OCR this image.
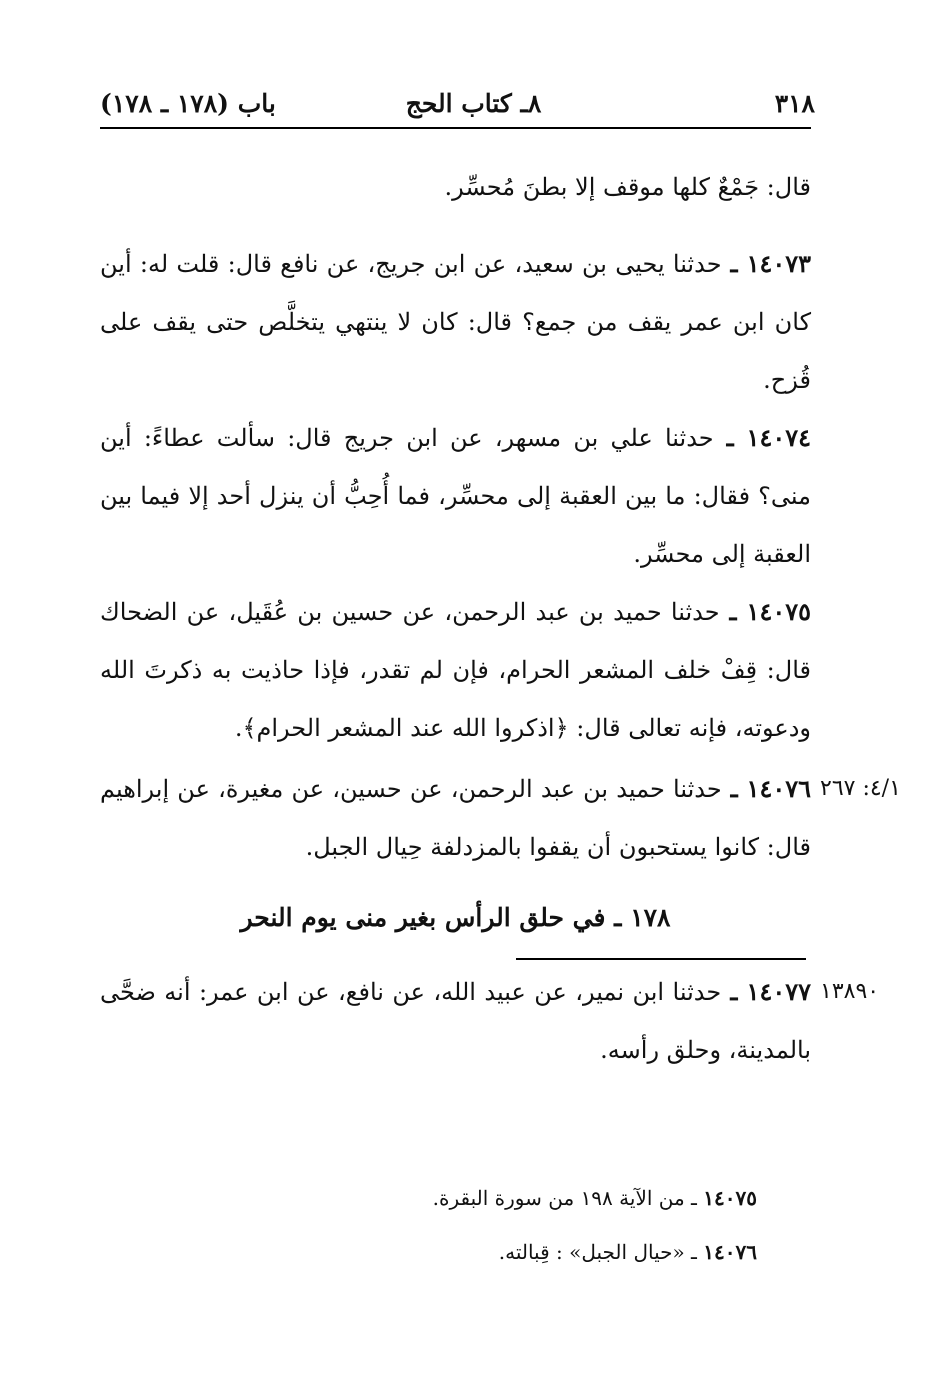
٣١٨
٨ـ كتاب الحج
باب (١٧٨ ـ ١٧٨)
قال: جَمْعٌ كلها موقف إلا بطنَ مُحسِّر.
١٤٠٧٣ ـ حدثنا يحيى بن سعيد، عن ابن جريج، عن نافع قال: قلت له: أين كان ابن عمر يقف من جمع؟ قال: كان لا ينتهي يتخلَّص حتى يقف على قُزح.
١٤٠٧٤ ـ حدثنا علي بن مسهر، عن ابن جريج قال: سألت عطاءً: أين منى؟ فقال: ما بين العقبة إلى محسِّر، فما أُحِبُّ أن ينزل أحد إلا فيما بين العقبة إلى محسِّر.
١٤٠٧٥ ـ حدثنا حميد بن عبد الرحمن، عن حسين بن عُقَيل، عن الضحاك قال: قِفْ خلف المشعر الحرام، فإن لم تقدر، فإذا حاذيت به ذكرتَ الله ودعوته، فإنه تعالى قال: ﴿اذكروا الله عند المشعر الحرام﴾.
٤/١: ٢٦٧
١٤٠٧٦ ـ حدثنا حميد بن عبد الرحمن، عن حسين، عن مغيرة، عن إبراهيم قال: كانوا يستحبون أن يقفوا بالمزدلفة حِيال الجبل.
١٧٨ ـ في حلق الرأس بغير منى يوم النحر
١٣٨٩٠
١٤٠٧٧ ـ حدثنا ابن نمير، عن عبيد الله، عن نافع، عن ابن عمر: أنه ضحَّى بالمدينة، وحلق رأسه.
١٤٠٧٥ ـ من الآية ١٩٨ من سورة البقرة.
١٤٠٧٦ ـ «حيال الجبل» : قِبالته.
